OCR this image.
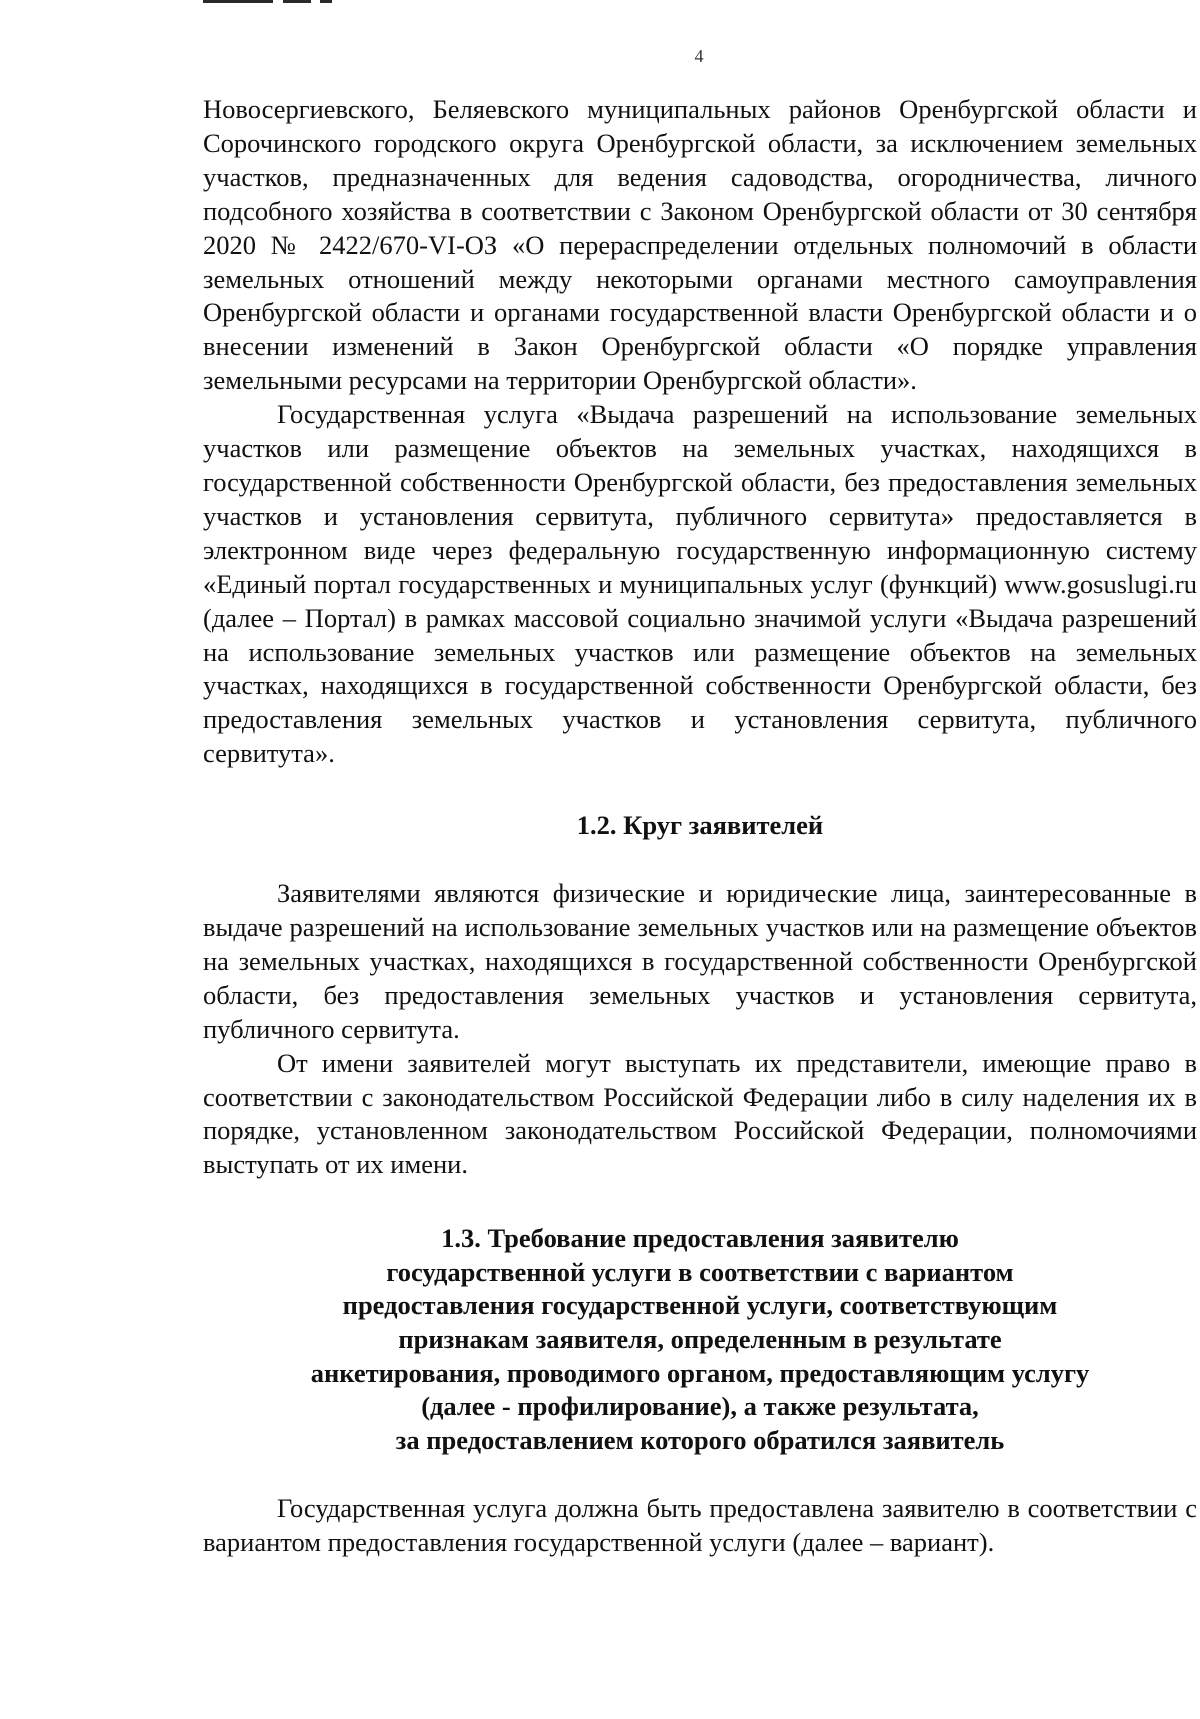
4

Новосергиевского, Беляевского муниципальных районов Оренбургской области и Сорочинского городского округа Оренбургской области, за исключением земельных участков, предназначенных для ведения садоводства, огородничества, личного подсобного хозяйства в соответствии с Законом Оренбургской области от 30 сентября 2020 № 2422/670-VI-ОЗ «О перераспределении отдельных полномочий в области земельных отношений между некоторыми органами местного самоуправления Оренбургской области и органами государственной власти Оренбургской области и о внесении изменений в Закон Оренбургской области «О порядке управления земельными ресурсами на территории Оренбургской области».

Государственная услуга «Выдача разрешений на использование земельных участков или размещение объектов на земельных участках, находящихся в государственной собственности Оренбургской области, без предоставления земельных участков и установления сервитута, публичного сервитута» предоставляется в электронном виде через федеральную государственную информационную систему «Единый портал государственных и муниципальных услуг (функций) www.gosuslugi.ru (далее – Портал) в рамках массовой социально значимой услуги «Выдача разрешений на использование земельных участков или размещение объектов на земельных участках, находящихся в государственной собственности Оренбургской области, без предоставления земельных участков и установления сервитута, публичного сервитута».

1.2. Круг заявителей

Заявителями являются физические и юридические лица, заинтересованные в выдаче разрешений на использование земельных участков или на размещение объектов на земельных участках, находящихся в государственной собственности Оренбургской области, без предоставления земельных участков и установления сервитута, публичного сервитута.

От имени заявителей могут выступать их представители, имеющие право в соответствии с законодательством Российской Федерации либо в силу наделения их в порядке, установленном законодательством Российской Федерации, полномочиями выступать от их имени.

1.3. Требование предоставления заявителю
государственной услуги в соответствии с вариантом
предоставления государственной услуги, соответствующим
признакам заявителя, определенным в результате
анкетирования, проводимого органом, предоставляющим услугу
(далее - профилирование), а также результата,
за предоставлением которого обратился заявитель

Государственная услуга должна быть предоставлена заявителю в соответствии с вариантом предоставления государственной услуги (далее – вариант).
